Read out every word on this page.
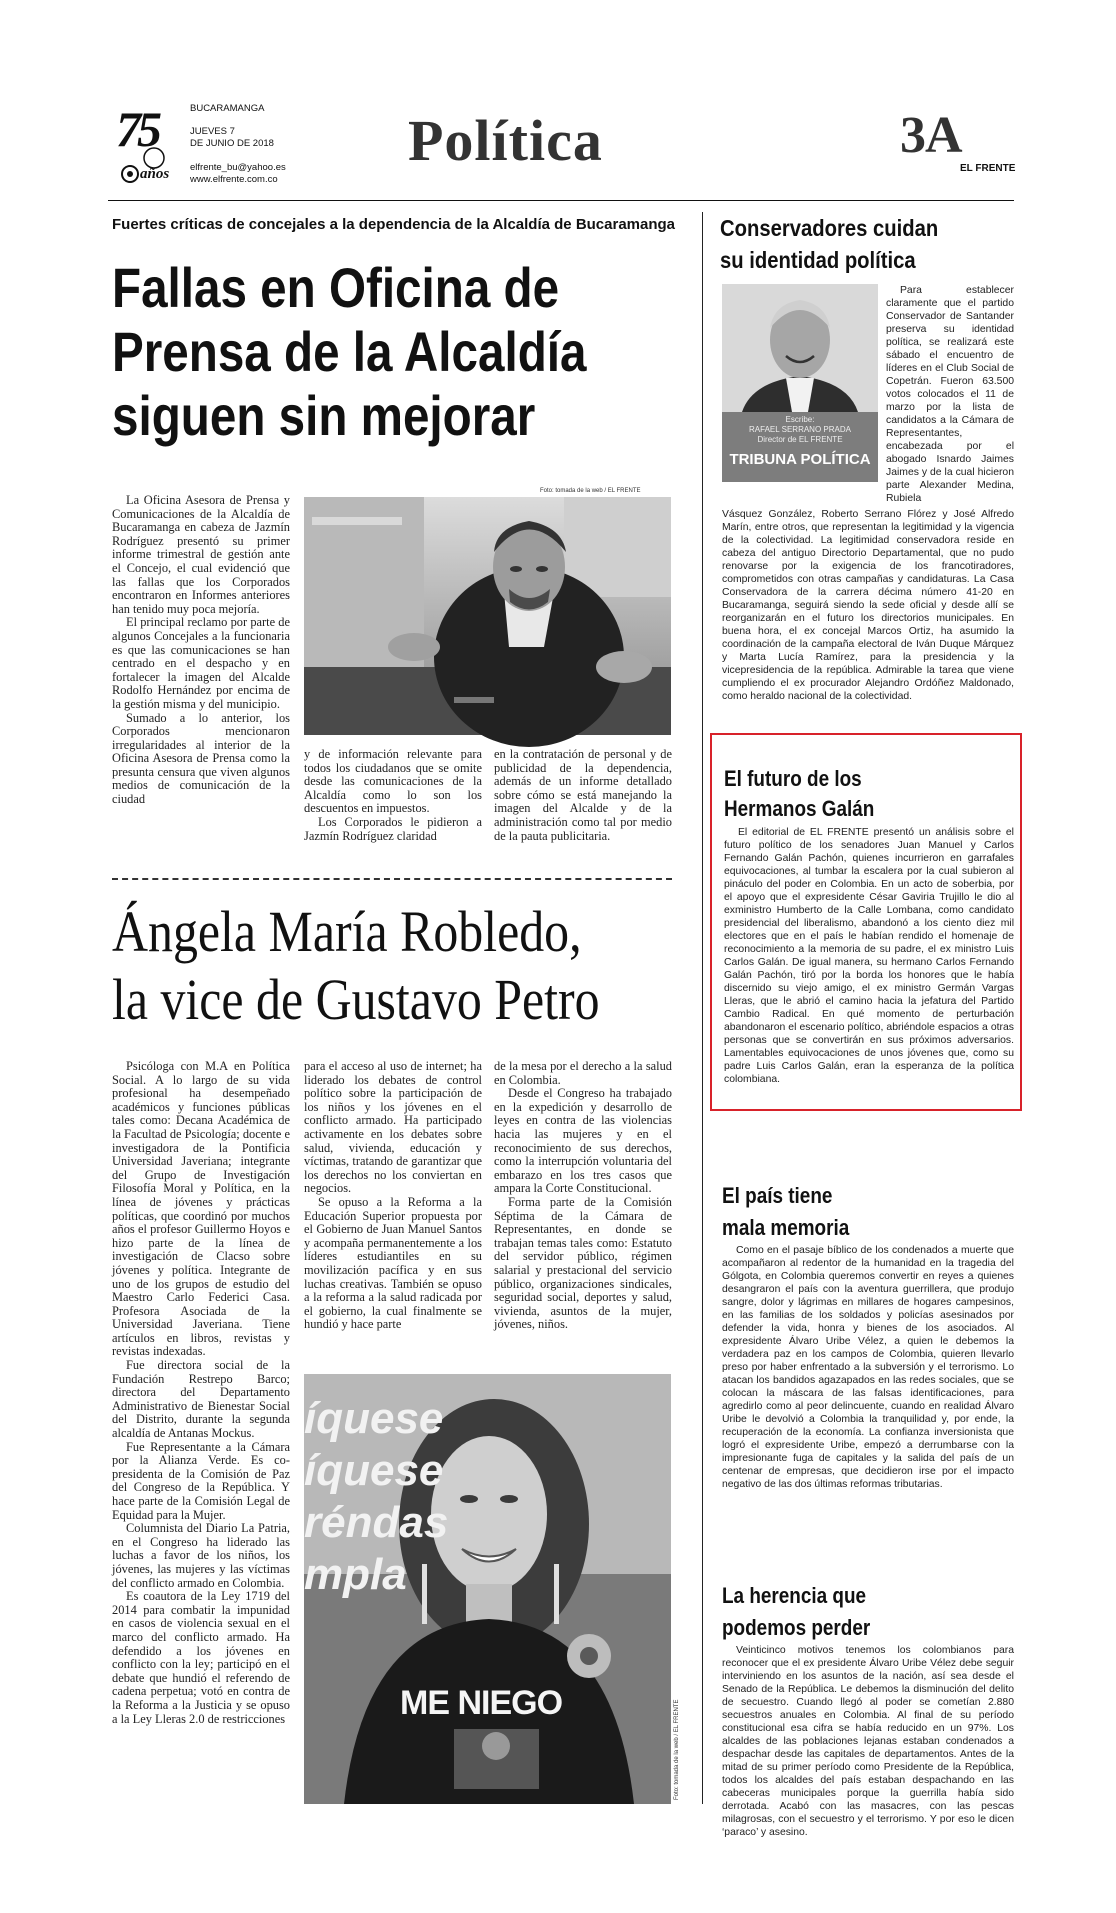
75
años
BUCARAMANGA
JUEVES 7
DE JUNIO DE 2018
elfrente_bu@yahoo.es
www.elfrente.com.co
Política	3A
EL FRENTE
Fuertes críticas de concejales a la dependencia de la Alcaldía de Bucaramanga
Fallas en Oficina de
Prensa de la Alcaldía
siguen sin mejorar

La Oficina Asesora de Prensa y Comunicaciones de la Alcaldía de Bucaramanga en cabeza de Jazmín Rodríguez presentó su primer informe trimestral de gestión ante el Concejo, el cual evidenció que las fallas que los Corporados encontraron en Informes anteriores han tenido muy poca mejoría.

El principal reclamo por parte de algunos Concejales a la funcionaria es que las comunicaciones se han centrado en el despacho y en fortalecer la imagen del Alcalde Rodolfo Hernández por encima de la gestión misma y del municipio.

Sumado a lo anterior, los Corporados mencionaron irregularidades al interior de la Oficina Asesora de Prensa como la presunta censura que viven algunos medios de comunicación de la ciudad

Foto: tomada de la web / EL FRENTE

y de información relevante para todos los ciudadanos que se omite desde las comunicaciones de la Alcaldía como lo son los descuentos en impuestos.

Los Corporados le pidieron a Jazmín Rodríguez claridad

en la contratación de personal y de publicidad de la dependencia, además de un informe detallado sobre cómo se está manejando la imagen del Alcalde y de la administración como tal por medio de la pauta publicitaria.

Ángela María Robledo,
la vice de Gustavo Petro

Psicóloga con M.A en Política Social. A lo largo de su vida profesional ha desempeñado académicos y funciones públicas tales como: Decana Académica de la Facultad de Psicología; docente e investigadora de la Pontificia Universidad Javeriana; integrante del Grupo de Investigación Filosofía Moral y Política, en la línea de jóvenes y prácticas políticas, que coordinó por muchos años el profesor Guillermo Hoyos e hizo parte de la línea de investigación de Clacso sobre jóvenes y política. Integrante de uno de los grupos de estudio del Maestro Carlo Federici Casa. Profesora Asociada de la Universidad Javeriana. Tiene artículos en libros, revistas y revistas indexadas.

Fue directora social de la Fundación Restrepo Barco; directora del Departamento Administrativo de Bienestar Social del Distrito, durante la segunda alcaldía de Antanas Mockus.

Fue Representante a la Cámara por la Alianza Verde. Es co-presidenta de la Comisión de Paz del Congreso de la República. Y hace parte de la Comisión Legal de Equidad para la Mujer.

Columnista del Diario La Patria, en el Congreso ha liderado las luchas a favor de los niños, los jóvenes, las mujeres y las víctimas del conflicto armado en Colombia.

Es coautora de la Ley 1719 del 2014 para combatir la impunidad en casos de violencia sexual en el marco del conflicto armado. Ha defendido a los jóvenes en conflicto con la ley; participó en el debate que hundió el referendo de cadena perpetua; votó en contra de la Reforma a la Justicia y se opuso a la Ley Lleras 2.0 de restricciones

para el acceso al uso de internet; ha liderado los debates de control político sobre la participación de los niños y los jóvenes en el conflicto armado. Ha participado activamente en los debates sobre salud, vivienda, educación y víctimas, tratando de garantizar que los derechos no los conviertan en negocios.

Se opuso a la Reforma a la Educación Superior propuesta por el Gobierno de Juan Manuel Santos y acompaña permanentemente a los líderes estudiantiles en su movilización pacífica y en sus luchas creativas. También se opuso a la reforma a la salud radicada por el gobierno, la cual finalmente se hundió y hace parte

de la mesa por el derecho a la salud en Colombia.

Desde el Congreso ha trabajado en la expedición y desarrollo de leyes en contra de las violencias hacia las mujeres y en el reconocimiento de sus derechos, como la interrupción voluntaria del embarazo en los tres casos que ampara la Corte Constitucional.

Forma parte de la Comisión Séptima de la Cámara de Representantes, en donde se trabajan temas tales como: Estatuto del servidor público, régimen salarial y prestacional del servicio público, organizaciones sindicales, seguridad social, deportes y salud, vivienda, asuntos de la mujer, jóvenes, niños.

íquese
íquese
réndas
mpla
ME NIEGO	Foto: tomada de la web / EL FRENTE
Conservadores cuidan
su identidad política
Escribe:
RAFAEL SERRANO PRADA
Director de EL FRENTE
TRIBUNA POLÍTICA
Para establecer claramente que el partido Conservador de Santander preserva su identidad política, se realizará este sábado el encuentro de líderes en el Club Social de Copetrán. Fueron 63.500 votos colocados el 11 de marzo por la lista de candidatos a la Cámara de Representantes, encabezada por el abogado Isnardo Jaimes Jaimes y de la cual hicieron parte Alexander Medina, Rubiela
Vásquez González, Roberto Serrano Flórez y José Alfredo Marín, entre otros, que representan la legitimidad y la vigencia de la colectividad. La legitimidad conservadora reside en cabeza del antiguo Directorio Departamental, que no pudo renovarse por la exigencia de los francotiradores, comprometidos con otras campañas y candidaturas. La Casa Conservadora de la carrera décima número 41-20 en Bucaramanga, seguirá siendo la sede oficial y desde allí se reorganizarán en el futuro los directorios municipales. En buena hora, el ex concejal Marcos Ortiz, ha asumido la coordinación de la campaña electoral de Iván Duque Márquez y Marta Lucía Ramírez, para la presidencia y la vicepresidencia de la república. Admirable la tarea que viene cumpliendo el ex procurador Alejandro Ordóñez Maldonado, como heraldo nacional de la colectividad.
El futuro de los
Hermanos Galán
El editorial de EL FRENTE presentó un análisis sobre el futuro político de los senadores Juan Manuel y Carlos Fernando Galán Pachón, quienes incurrieron en garrafales equivocaciones, al tumbar la escalera por la cual subieron al pináculo del poder en Colombia. En un acto de soberbia, por el apoyo que el expresidente César Gaviria Trujillo le dio al exministro Humberto de la Calle Lombana, como candidato presidencial del liberalismo, abandonó a los ciento diez mil electores que en el país le habían rendido el homenaje de reconocimiento a la memoria de su padre, el ex ministro Luis Carlos Galán. De igual manera, su hermano Carlos Fernando Galán Pachón, tiró por la borda los honores que le había discernido su viejo amigo, el ex ministro Germán Vargas Lleras, que le abrió el camino hacia la jefatura del Partido Cambio Radical. En qué momento de perturbación abandonaron el escenario político, abriéndole espacios a otras personas que se convertirán en sus próximos adversarios. Lamentables equivocaciones de unos jóvenes que, como su padre Luis Carlos Galán, eran la esperanza de la política colombiana.
El país tiene
mala memoria
Como en el pasaje bíblico de los condenados a muerte que acompañaron al redentor de la humanidad en la tragedia del Gólgota, en Colombia queremos convertir en reyes a quienes desangraron el país con la aventura guerrillera, que produjo sangre, dolor y lágrimas en millares de hogares campesinos, en las familias de los soldados y policías asesinados por defender la vida, honra y bienes de los asociados. Al expresidente Álvaro Uribe Vélez, a quien le debemos la verdadera paz en los campos de Colombia, quieren llevarlo preso por haber enfrentado a la subversión y el terrorismo. Lo atacan los bandidos agazapados en las redes sociales, que se colocan la máscara de las falsas identificaciones, para agredirlo como al peor delincuente, cuando en realidad Álvaro Uribe le devolvió a Colombia la tranquilidad y, por ende, la recuperación de la economía. La confianza inversionista que logró el expresidente Uribe, empezó a derrumbarse con la impresionante fuga de capitales y la salida del país de un centenar de empresas, que decidieron irse por el impacto negativo de las dos últimas reformas tributarias.
La herencia que
podemos perder
Veinticinco motivos tenemos los colombianos para reconocer que el ex presidente Álvaro Uribe Vélez debe seguir interviniendo en los asuntos de la nación, así sea desde el Senado de la República. Le debemos la disminución del delito de secuestro. Cuando llegó al poder se cometían 2.880 secuestros anuales en Colombia. Al final de su período constitucional esa cifra se había reducido en un 97%. Los alcaldes de las poblaciones lejanas estaban condenados a despachar desde las capitales de departamentos. Antes de la mitad de su primer período como Presidente de la República, todos los alcaldes del país estaban despachando en las cabeceras municipales porque la guerrilla había sido derrotada. Acabó con las masacres, con las pescas milagrosas, con el secuestro y el terrorismo. Y por eso le dicen ‘paraco’ y asesino.
